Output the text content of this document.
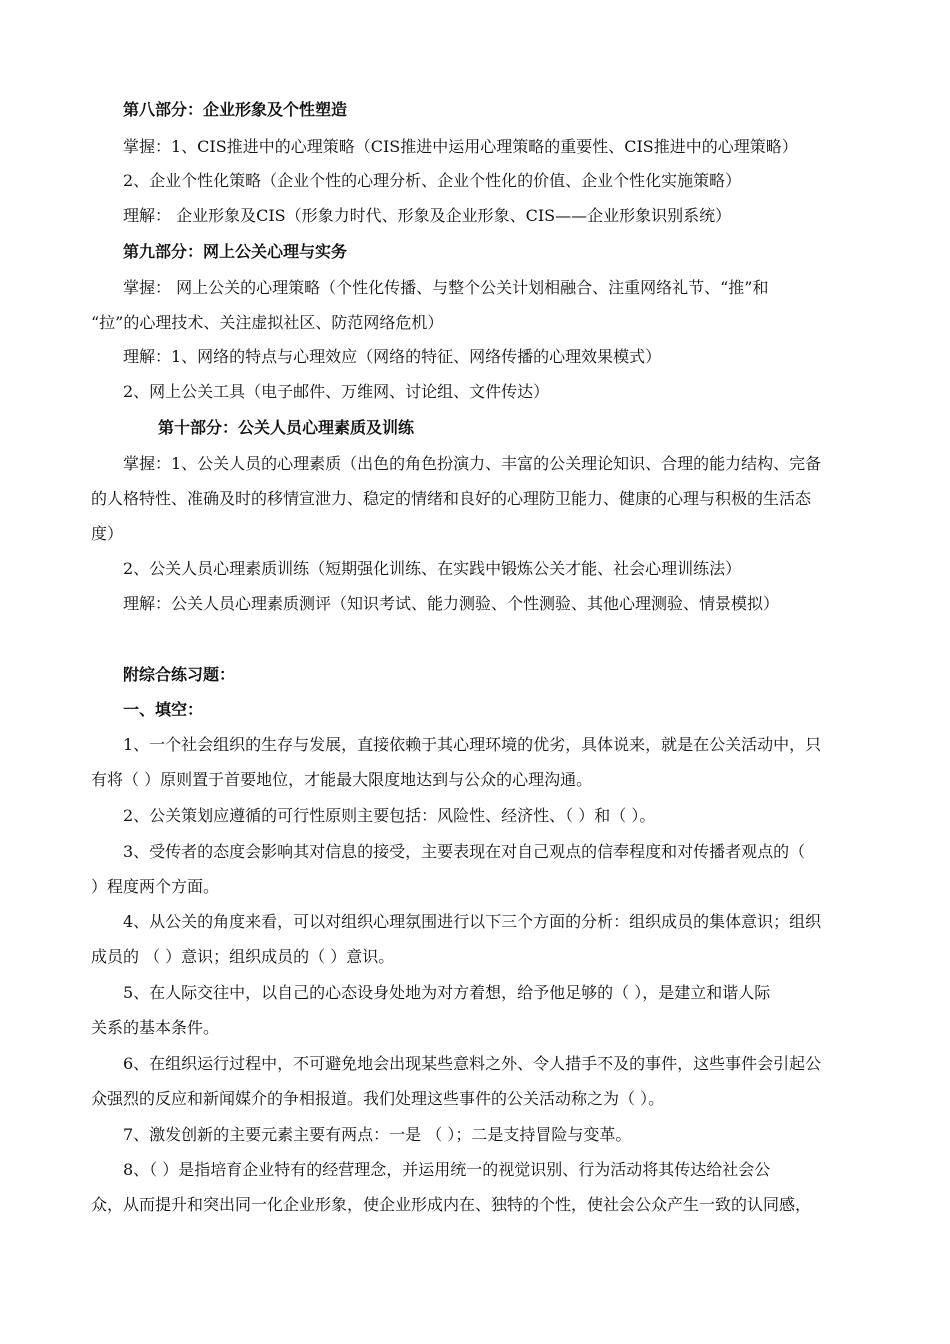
第八部分：企业形象及个性塑造
掌握：1、CIS推进中的心理策略（CIS推进中运用心理策略的重要性、CIS推进中的心理策略）
2、企业个性化策略（企业个性的心理分析、企业个性化的价值、企业个性化实施策略）
理解： 企业形象及CIS（形象力时代、形象及企业形象、CIS——企业形象识别系统）
第九部分：网上公关心理与实务
掌握： 网上公关的心理策略（个性化传播、与整个公关计划相融合、注重网络礼节、“推”和
“拉”的心理技术、关注虚拟社区、防范网络危机）
理解：1、网络的特点与心理效应（网络的特征、网络传播的心理效果模式）
2、网上公关工具（电子邮件、万维网、讨论组、文件传达）
第十部分：公关人员心理素质及训练
掌握：1、公关人员的心理素质（出色的角色扮演力、丰富的公关理论知识、合理的能力结构、完备
的人格特性、准确及时的移情宣泄力、稳定的情绪和良好的心理防卫能力、健康的心理与积极的生活态
度）
2、公关人员心理素质训练（短期强化训练、在实践中锻炼公关才能、社会心理训练法）
理解：公关人员心理素质测评（知识考试、能力测验、个性测验、其他心理测验、情景模拟）
附综合练习题：
一、填空：
1、一个社会组织的生存与发展，直接依赖于其心理环境的优劣，具体说来，就是在公关活动中，只
有将（ ）原则置于首要地位，才能最大限度地达到与公众的心理沟通。
2、公关策划应遵循的可行性原则主要包括：风险性、经济性、（ ）和（ ）。
3、受传者的态度会影响其对信息的接受，主要表现在对自己观点的信奉程度和对传播者观点的（
）程度两个方面。
4、从公关的角度来看，可以对组织心理氛围进行以下三个方面的分析：组织成员的集体意识；组织
成员的 （ ）意识；组织成员的（ ）意识。
5、在人际交往中，以自己的心态设身处地为对方着想，给予他足够的（ ），是建立和谐人际
关系的基本条件。
6、在组织运行过程中，不可避免地会出现某些意料之外、令人措手不及的事件，这些事件会引起公
众强烈的反应和新闻媒介的争相报道。我们处理这些事件的公关活动称之为（ ）。
7、激发创新的主要元素主要有两点：一是 （ ）；二是支持冒险与变革。
8、（ ）是指培育企业特有的经营理念，并运用统一的视觉识别、行为活动将其传达给社会公
众，从而提升和突出同一化企业形象，使企业形成内在、独特的个性，使社会公众产生一致的认同感，
